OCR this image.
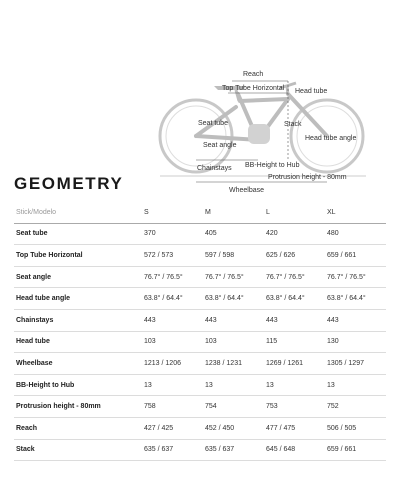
Reach
Top Tube Horizontal Head tube
Seat tube	Stack
Seat angle
Head tube angle
Chainstays BB-Height to Hub
Protrusion height - 80mm
Wheelbase
GEOMETRY
Stick/Modelo	S	M	L	XL
Seat tube	370	405	420	480
Top Tube Horizontal	572 / 573	597 / 598	625 / 626	659 / 661
Seat angle	76.7° / 76.5°	76.7° / 76.5°	76.7° / 76.5°	76.7° / 76.5°
Head tube angle	63.8° / 64.4°	63.8° / 64.4°	63.8° / 64.4°	63.8° / 64.4°
Chainstays	443	443	443	443
Head tube	103	103	115	130
Wheelbase	1213 / 1206	1238 / 1231	1269 / 1261	1305 / 1297
BB-Height to Hub	13	13	13	13
Protrusion height - 80mm	758	754	753	752
Reach	427 / 425	452 / 450	477 / 475	506 / 505
Stack	635 / 637	635 / 637	645 / 648	659 / 661
